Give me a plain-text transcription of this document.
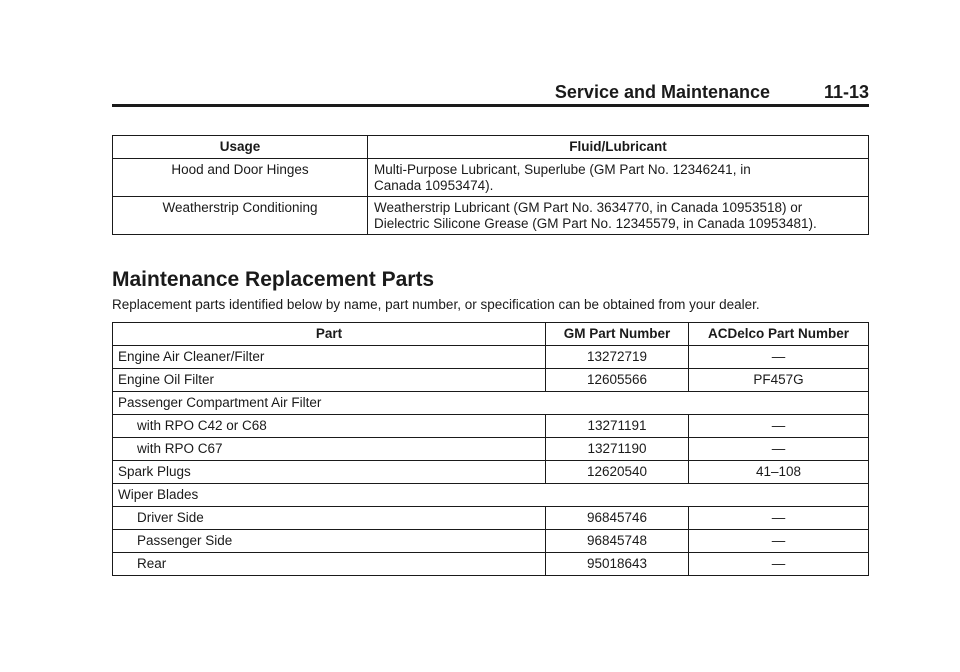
Service and Maintenance	11-13
Usage	Fluid/Lubricant
Hood and Door Hinges	Multi-Purpose Lubricant, Superlube (GM Part No. 12346241, in
Canada 10953474).

Weatherstrip Conditioning	Weatherstrip Lubricant (GM Part No. 3634770, in Canada 10953518) or
Dielectric Silicone Grease (GM Part No. 12345579, in Canada 10953481).
Maintenance Replacement Parts

Replacement parts identified below by name, part number, or specification can be obtained from your dealer.

Part	GM Part Number	ACDelco Part Number
Engine Air Cleaner/Filter	13272719	—
Engine Oil Filter	12605566	PF457G
Passenger Compartment Air Filter		
with RPO C42 or C68	13271191	—
with RPO C67	13271190	—
Spark Plugs	12620540	41–108
Wiper Blades		
Driver Side	96845746	—
Passenger Side	96845748	—
Rear	95018643	—
